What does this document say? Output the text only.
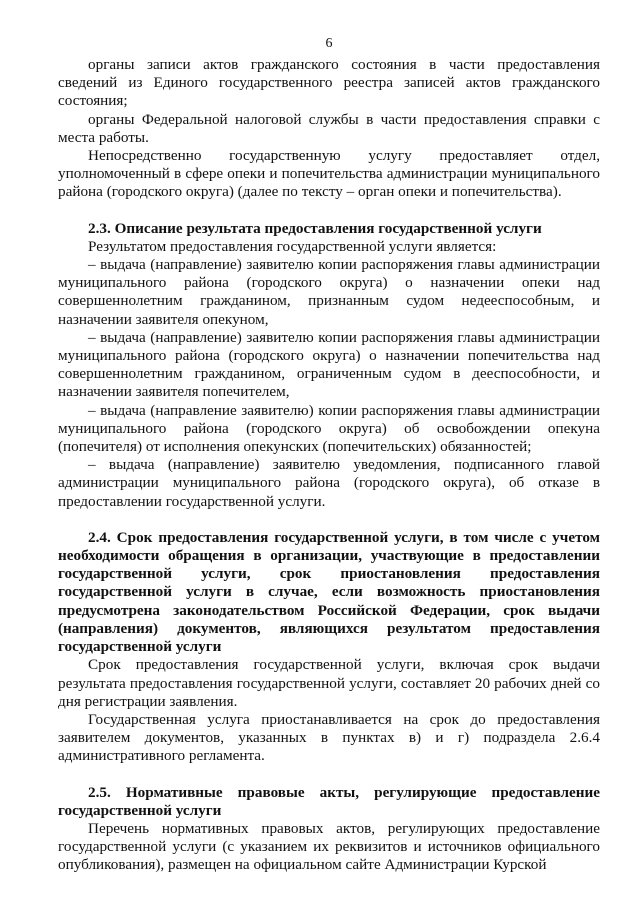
6

органы записи актов гражданского состояния в части предоставления сведений из Единого государственного реестра записей актов гражданского состояния;

органы Федеральной налоговой службы в части предоставления справки с места работы.

Непосредственно государственную услугу предоставляет отдел, уполномоченный в сфере опеки и попечительства администрации муниципального района (городского округа) (далее по тексту – орган опеки и попечительства).

2.3. Описание результата предоставления государственной услуги

Результатом предоставления государственной услуги является:

– выдача (направление) заявителю копии распоряжения главы администрации муниципального района (городского округа) о назначении опеки над совершеннолетним гражданином, признанным судом недееспособным, и назначении заявителя опекуном,

– выдача (направление) заявителю копии распоряжения главы администрации муниципального района (городского округа) о назначении попечительства над совершеннолетним гражданином, ограниченным судом в дееспособности, и назначении заявителя попечителем,

– выдача (направление заявителю) копии распоряжения главы администрации муниципального района (городского округа) об освобождении опекуна (попечителя) от исполнения опекунских (попечительских) обязанностей;

– выдача (направление) заявителю уведомления, подписанного главой администрации муниципального района (городского округа), об отказе в предоставлении государственной услуги.

2.4. Срок предоставления государственной услуги, в том числе с учетом необходимости обращения в организации, участвующие в предоставлении государственной услуги, срок приостановления предоставления государственной услуги в случае, если возможность приостановления предусмотрена законодательством Российской Федерации, срок выдачи (направления) документов, являющихся результатом предоставления государственной услуги

Срок предоставления государственной услуги, включая срок выдачи результата предоставления государственной услуги, составляет 20 рабочих дней со дня регистрации заявления.

Государственная услуга приостанавливается на срок до предоставления заявителем документов, указанных в пунктах в) и г) подраздела 2.6.4 административного регламента.

2.5. Нормативные правовые акты, регулирующие предоставление государственной услуги

Перечень нормативных правовых актов, регулирующих предоставление государственной услуги (с указанием их реквизитов и источников официального опубликования), размещен на официальном сайте Администрации Курской
